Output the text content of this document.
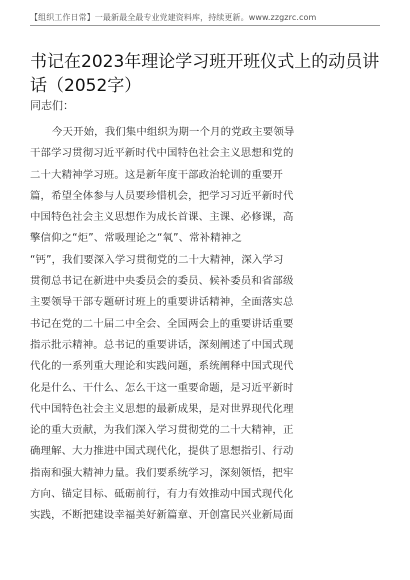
【组织工作日常】一最新最全最专业党建资料库，持续更新。www.zzgzrc.com
书记在2023年理论学习班开班仪式上的动员讲话（2052字）
同志们：
今天开始，我们集中组织为期一个月的党政主要领导
干部学习贯彻习近平新时代中国特色社会主义思想和党的
二十大精神学习班。这是新年度干部政治轮训的重要开
篇，希望全体参与人员要珍惜机会，把学习习近平新时代
中国特色社会主义思想作为成长首课、主课、必修课，高
擎信仰之“炬”、常吸理论之“氧”、常补精神之
“钙”，我们要深入学习贯彻党的二十大精神，深入学习
贯彻总书记在新进中央委员会的委员、候补委员和省部级
主要领导干部专题研讨班上的重要讲话精神，全面落实总
书记在党的二十届二中全会、全国两会上的重要讲话重要
指示批示精神。总书记的重要讲话，深刻阐述了中国式现
代化的一系列重大理论和实践问题，系统阐释中国式现代
化是什么、干什么、怎么干这一重要命题，是习近平新时
代中国特色社会主义思想的最新成果，是对世界现代化理
论的重大贡献，为我们深入学习贯彻党的二十大精神，正
确理解、大力推进中国式现代化，提供了思想指引、行动
指南和强大精神力量。我们要系统学习，深刻领悟，把牢
方向、锚定目标、砥砺前行，有力有效推动中国式现代化
实践，不断把建设幸福美好新篇章、开创富民兴业新局面
